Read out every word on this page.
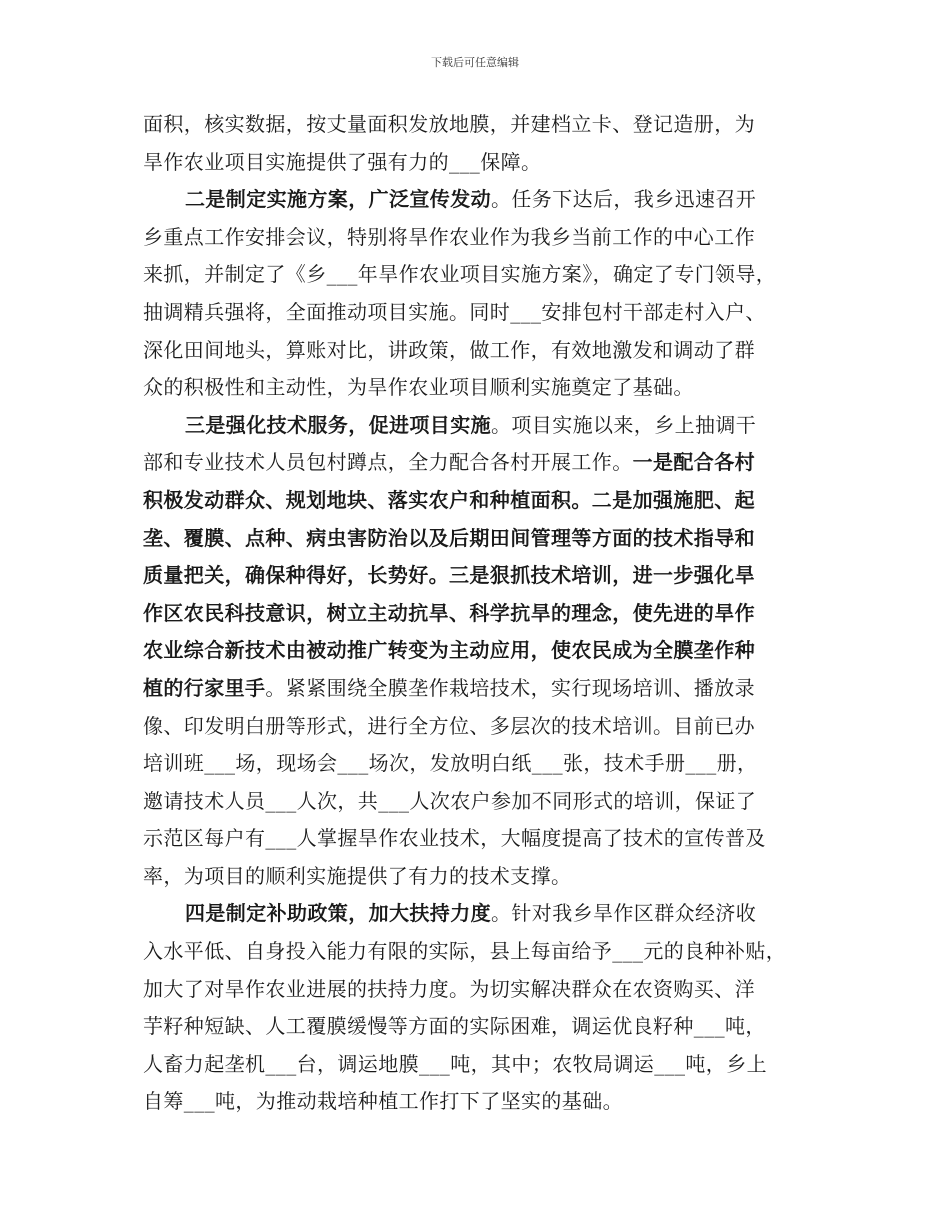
下载后可任意编辑
面积，核实数据，按丈量面积发放地膜，并建档立卡、登记造册，为
旱作农业项目实施提供了强有力的___保障。
二是制定实施方案，广泛宣传发动。任务下达后，我乡迅速召开
乡重点工作安排会议，特别将旱作农业作为我乡当前工作的中心工作
来抓，并制定了《乡___年旱作农业项目实施方案》，确定了专门领导，
抽调精兵强将，全面推动项目实施。同时___安排包村干部走村入户、
深化田间地头，算账对比，讲政策，做工作，有效地激发和调动了群
众的积极性和主动性，为旱作农业项目顺利实施奠定了基础。
三是强化技术服务，促进项目实施。项目实施以来，乡上抽调干
部和专业技术人员包村蹲点，全力配合各村开展工作。一是配合各村
积极发动群众、规划地块、落实农户和种植面积。二是加强施肥、起
垄、覆膜、点种、病虫害防治以及后期田间管理等方面的技术指导和
质量把关，确保种得好，长势好。三是狠抓技术培训，进一步强化旱
作区农民科技意识，树立主动抗旱、科学抗旱的理念，使先进的旱作
农业综合新技术由被动推广转变为主动应用，使农民成为全膜垄作种
植的行家里手。紧紧围绕全膜垄作栽培技术，实行现场培训、播放录
像、印发明白册等形式，进行全方位、多层次的技术培训。目前已办
培训班___场，现场会___场次，发放明白纸___张，技术手册___册，
邀请技术人员___人次，共___人次农户参加不同形式的培训，保证了
示范区每户有___人掌握旱作农业技术，大幅度提高了技术的宣传普及
率，为项目的顺利实施提供了有力的技术支撑。
四是制定补助政策，加大扶持力度。针对我乡旱作区群众经济收
入水平低、自身投入能力有限的实际，县上每亩给予___元的良种补贴，
加大了对旱作农业进展的扶持力度。为切实解决群众在农资购买、洋
芋籽种短缺、人工覆膜缓慢等方面的实际困难，调运优良籽种___吨，
人畜力起垄机___台，调运地膜___吨，其中；农牧局调运___吨，乡上
自筹___吨，为推动栽培种植工作打下了坚实的基础。
